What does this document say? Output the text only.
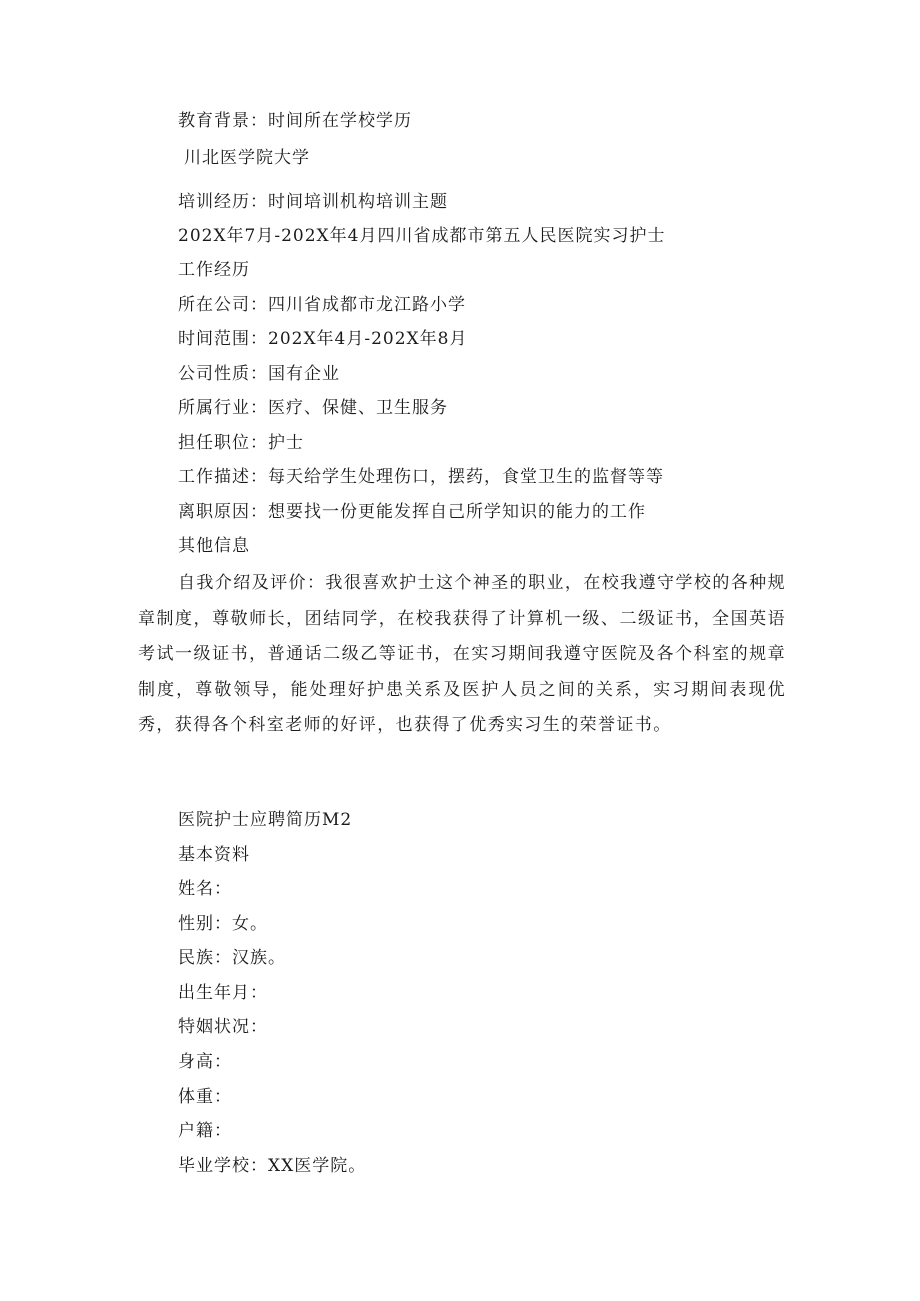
教育背景：时间所在学校学历
川北医学院大学
培训经历：时间培训机构培训主题
202X年7月-202X年4月四川省成都市第五人民医院实习护士
工作经历
所在公司：四川省成都市龙江路小学
时间范围：202X年4月-202X年8月
公司性质：国有企业
所属行业：医疗、保健、卫生服务
担任职位：护士
工作描述：每天给学生处理伤口，摆药，食堂卫生的监督等等
离职原因：想要找一份更能发挥自己所学知识的能力的工作
其他信息
自我介绍及评价：我很喜欢护士这个神圣的职业，在校我遵守学校的各种规章制度，尊敬师长，团结同学，在校我获得了计算机一级、二级证书，全国英语考试一级证书，普通话二级乙等证书，在实习期间我遵守医院及各个科室的规章制度，尊敬领导，能处理好护患关系及医护人员之间的关系，实习期间表现优秀，获得各个科室老师的好评，也获得了优秀实习生的荣誉证书。
医院护士应聘简历M2
基本资料
姓名：
性别：女。
民族：汉族。
出生年月：
特姻状况：
身高：
体重：
户籍：
毕业学校：XX医学院。
